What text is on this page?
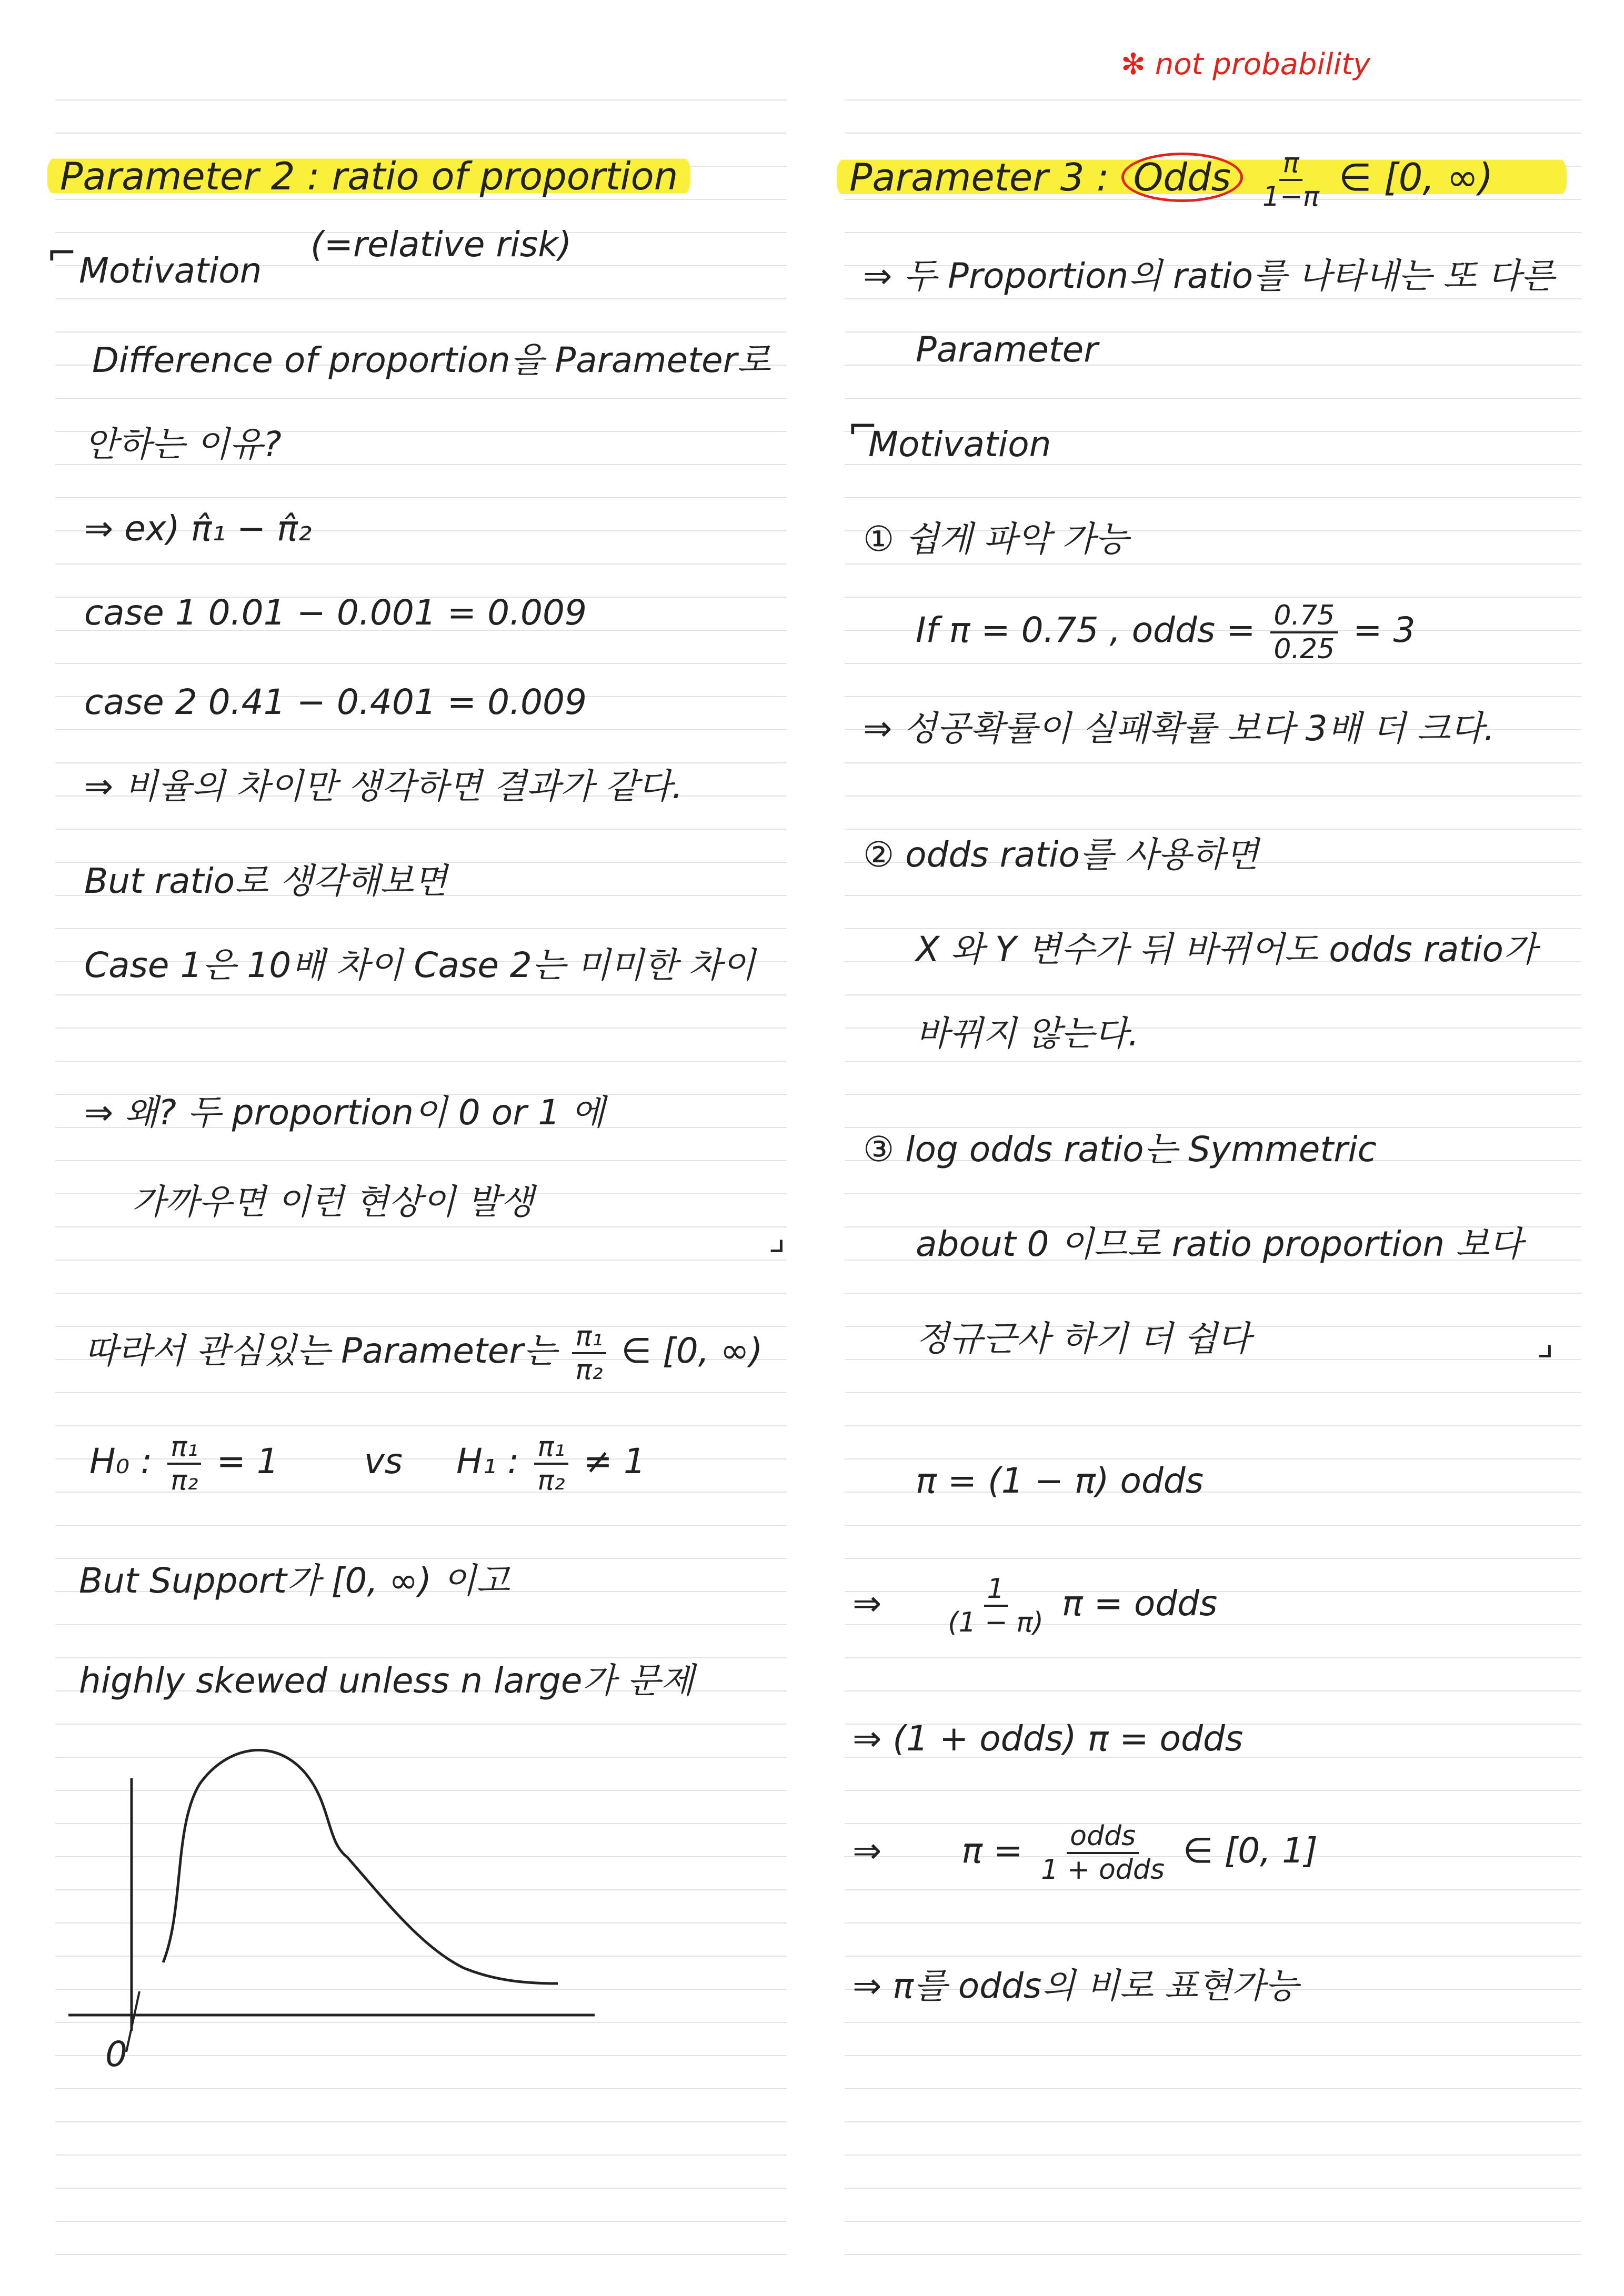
✻ not probability
Parameter 2 : ratio of proportion
⌐ Motivation
(=relative risk)
Difference of proportion을 Parameter로
안하는 이유?
⇒ ex) π̂₁ − π̂₂
case 1 0.01 − 0.001 = 0.009
case 2 0.41 − 0.401 = 0.009
⇒ 비율의 차이만 생각하면 결과가 같다.
But ratio로 생각해보면
Case 1은 10배 차이 Case 2는 미미한 차이
⇒ 왜? 두 proportion이 0 or 1 에
가까우면 이런 현상이 발생
⌟
따라서 관심있는 Parameter는 $\frac{\text{π₁}}{\text{π₂}}$ ∈ [0, ∞)
H₀ : $\frac{\text{π₁}}{\text{π₂}} = 1$ vs H₁ : $\frac{\text{π₁}}{\text{π₂}} \ne 1$
But Support가 [0, ∞) 이고
highly skewed unless n large가 문제
0
Parameter 3 : Odds $\frac{\pi}{1-\pi}$ ∈ [0, ∞)
⇒ 두 Proportion의 ratio를 나타내는 또 다른
Parameter
⌐
Motivation
① 쉽게 파악 가능
If π = 0.75 , odds = $\frac{0.75}{0.25} = 3$
⇒ 성공확률이 실패확률 보다 3배 더 크다.
② odds ratio를 사용하면
X 와 Y 변수가 뒤 바뀌어도 odds ratio가
바뀌지 않는다.
③ log odds ratio는 Symmetric
about 0 이므로 ratio proportion 보다
정규근사 하기 더 쉽다	⌟
π = (1 − π) odds
⇒ $\frac{1}{(1 - \pi)}$ π = odds
⇒ (1 + odds) π = odds
⇒ $\pi = \frac{\text{odds}}{\text{1 + odds}}$ ∈ [0, 1]
⇒ π를 odds의 비로 표현가능
